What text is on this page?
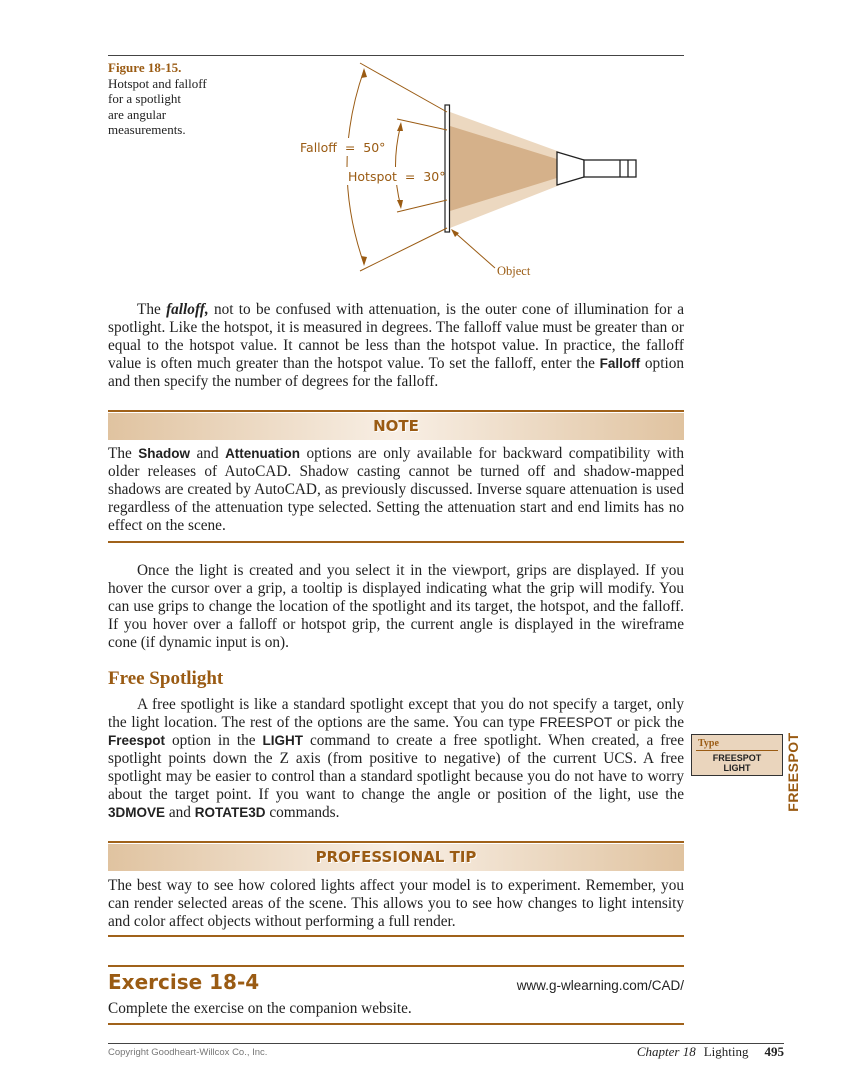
Figure 18-15.
Hotspot and falloff
for a spotlight
are angular
measurements.
Falloff  =  50°
Hotspot  =  30°
Object
The falloff, not to be confused with attenuation, is the outer cone of illumination for a spotlight. Like the hotspot, it is measured in degrees. The falloff value must be greater than or equal to the hotspot value. It cannot be less than the hotspot value. In practice, the falloff value is often much greater than the hotspot value. To set the falloff, enter the Falloff option and then specify the number of degrees for the falloff.
NOTE
The Shadow and Attenuation options are only available for backward compatibility with older releases of AutoCAD. Shadow casting cannot be turned off and shadow-mapped shadows are created by AutoCAD, as previously discussed. Inverse square attenuation is used regardless of the attenuation type selected. Setting the attenuation start and end limits has no effect on the scene.
Once the light is created and you select it in the viewport, grips are displayed. If you hover the cursor over a grip, a tooltip is displayed indicating what the grip will modify. You can use grips to change the location of the spotlight and its target, the hotspot, and the falloff. If you hover over a falloff or hotspot grip, the current angle is displayed in the wireframe cone (if dynamic input is on).
Free Spotlight
A free spotlight is like a standard spotlight except that you do not specify a target, only the light location. The rest of the options are the same. You can type FREESPOT or pick the Freespot option in the LIGHT command to create a free spotlight. When created, a free spotlight points down the Z axis (from positive to negative) of the current UCS. A free spotlight may be easier to control than a standard spotlight because you do not have to worry about the target point. If you want to change the angle or position of the light, use the 3DMOVE and ROTATE3D commands.
Type
FREESPOT
LIGHT	FREESPOT
PROFESSIONAL TIP
The best way to see how colored lights affect your model is to experiment. Remember, you can render selected areas of the scene. This allows you to see how changes to light intensity and color affect objects without performing a full render.
Exercise 18-4	www.g-wlearning.com/CAD/
Complete the exercise on the companion website.
Copyright Goodheart-Willcox Co., Inc.	Chapter 18 Lighting 495
